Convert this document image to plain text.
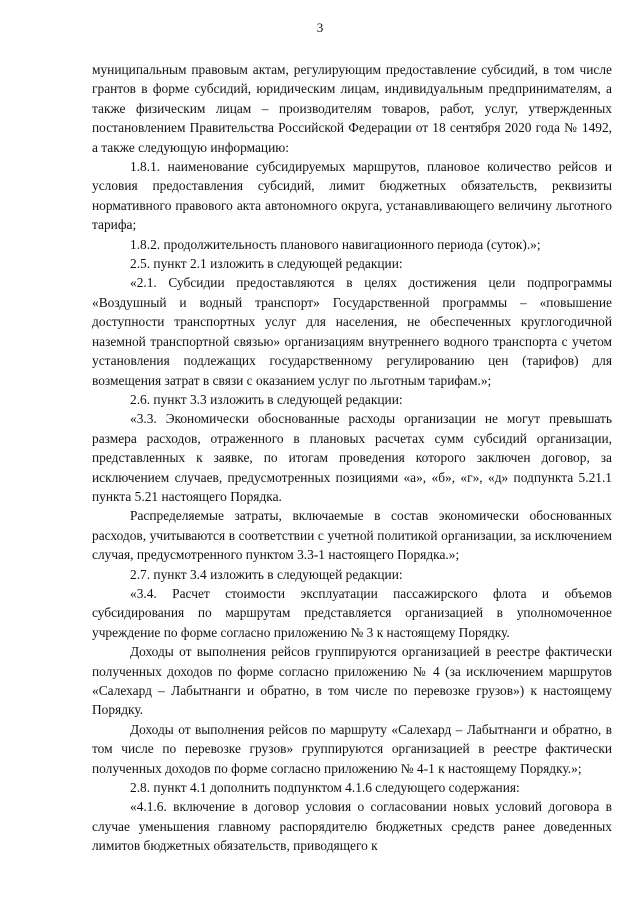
3

муниципальным правовым актам, регулирующим предоставление субсидий, в том числе грантов в форме субсидий, юридическим лицам, индивидуальным предпринимателям, а также физическим лицам – производителям товаров, работ, услуг, утвержденных постановлением Правительства Российской Федерации от 18 сентября 2020 года № 1492, а также следующую информацию:

1.8.1. наименование субсидируемых маршрутов, плановое количество рейсов и условия предоставления субсидий, лимит бюджетных обязательств, реквизиты нормативного правового акта автономного округа, устанавливающего величину льготного тарифа;

1.8.2. продолжительность планового навигационного периода (суток).»;

2.5. пункт 2.1 изложить в следующей редакции:

«2.1. Субсидии предоставляются в целях достижения цели подпрограммы «Воздушный и водный транспорт» Государственной программы – «повышение доступности транспортных услуг для населения, не обеспеченных круглогодичной наземной транспортной связью» организациям внутреннего водного транспорта с учетом установления подлежащих государственному регулированию цен (тарифов) для возмещения затрат в связи с оказанием услуг по льготным тарифам.»;

2.6. пункт 3.3 изложить в следующей редакции:

«3.3. Экономически обоснованные расходы организации не могут превышать размера расходов, отраженного в плановых расчетах сумм субсидий организации, представленных к заявке, по итогам проведения которого заключен договор, за исключением случаев, предусмотренных позициями «а», «б», «г», «д» подпункта 5.21.1 пункта 5.21 настоящего Порядка.

Распределяемые затраты, включаемые в состав экономически обоснованных расходов, учитываются в соответствии с учетной политикой организации, за исключением случая, предусмотренного пунктом 3.3-1 настоящего Порядка.»;

2.7. пункт 3.4 изложить в следующей редакции:

«3.4. Расчет стоимости эксплуатации пассажирского флота и объемов субсидирования по маршрутам представляется организацией в уполномоченное учреждение по форме согласно приложению № 3 к настоящему Порядку.

Доходы от выполнения рейсов группируются организацией в реестре фактически полученных доходов по форме согласно приложению № 4 (за исключением маршрутов «Салехард – Лабытнанги и обратно, в том числе по перевозке грузов») к настоящему Порядку.

Доходы от выполнения рейсов по маршруту «Салехард – Лабытнанги и обратно, в том числе по перевозке грузов» группируются организацией в реестре фактически полученных доходов по форме согласно приложению № 4-1 к настоящему Порядку.»;

2.8. пункт 4.1 дополнить подпунктом 4.1.6 следующего содержания:

«4.1.6. включение в договор условия о согласовании новых условий договора в случае уменьшения главному распорядителю бюджетных средств ранее доведенных лимитов бюджетных обязательств, приводящего к
